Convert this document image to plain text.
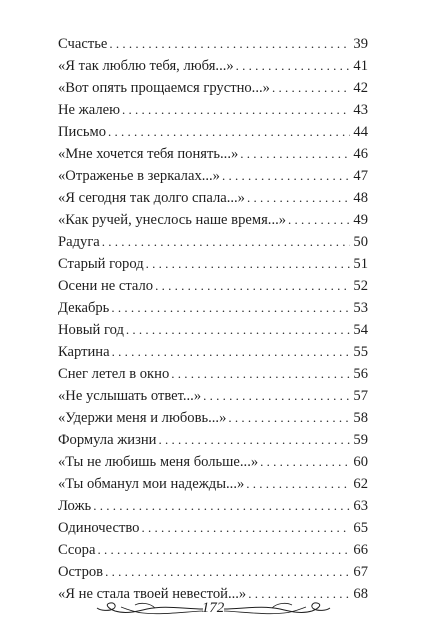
Счастье . . .	39
«Я так люблю тебя, любя...» . . .	41
«Вот опять прощаемся грустно...» . . .	42
Не жалею . . .	43
Письмо . . .	44
«Мне хочется тебя понять...» . . .	46
«Отраженье в зеркалах...» . . .	47
«Я сегодня так долго спала...» . . .	48
«Как ручей, унеслось наше время...» . . .	49
Радуга . . .	50
Старый город . . .	51
Осени не стало . . .	52
Декабрь . . .	53
Новый год . . .	54
Картина . . .	55
Снег летел в окно . . .	56
«Не услышать ответ...» . . .	57
«Удержи меня и любовь...» . . .	58
Формула жизни . . .	59
«Ты не любишь меня больше...» . . .	60
«Ты обманул мои надежды...» . . .	62
Ложь . . .	63
Одиночество . . .	65
Ссора . . .	66
Остров . . .	67
«Я не стала твоей невестой...» . . .	68
172
